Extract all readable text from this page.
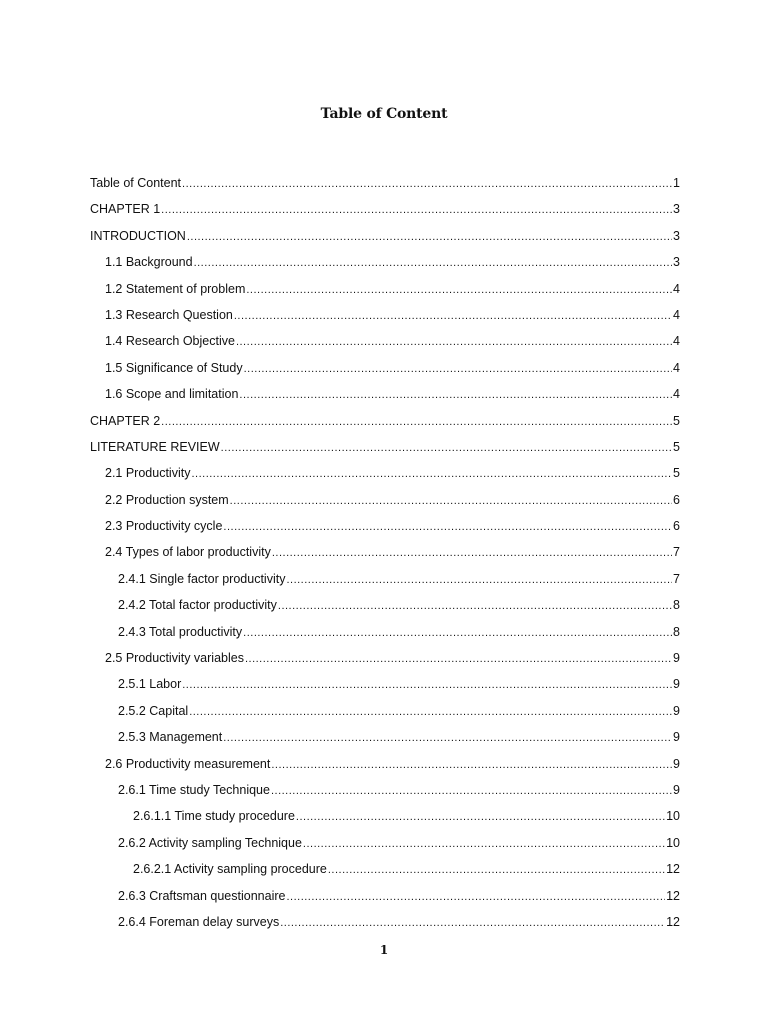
Table of Content
Table of Content .....	1
CHAPTER 1 .....	3
INTRODUCTION .....	3
1.1 Background .....	3
1.2 Statement of problem .....	4
1.3 Research Question .....	4
1.4 Research Objective .....	4
1.5 Significance of Study .....	4
1.6 Scope and limitation .....	4
CHAPTER 2 .....	5
LITERATURE REVIEW .....	5
2.1 Productivity .....	5
2.2 Production system .....	6
2.3 Productivity cycle .....	6
2.4 Types of labor productivity .....	7
2.4.1 Single factor productivity .....	7
2.4.2 Total factor productivity .....	8
2.4.3 Total productivity .....	8
2.5 Productivity variables .....	9
2.5.1 Labor .....	9
2.5.2 Capital .....	9
2.5.3 Management .....	9
2.6 Productivity measurement .....	9
2.6.1 Time study Technique .....	9
2.6.1.1 Time study procedure .....	10
2.6.2 Activity sampling Technique .....	10
2.6.2.1 Activity sampling procedure .....	12
2.6.3 Craftsman questionnaire .....	12
2.6.4 Foreman delay surveys .....	12
1
